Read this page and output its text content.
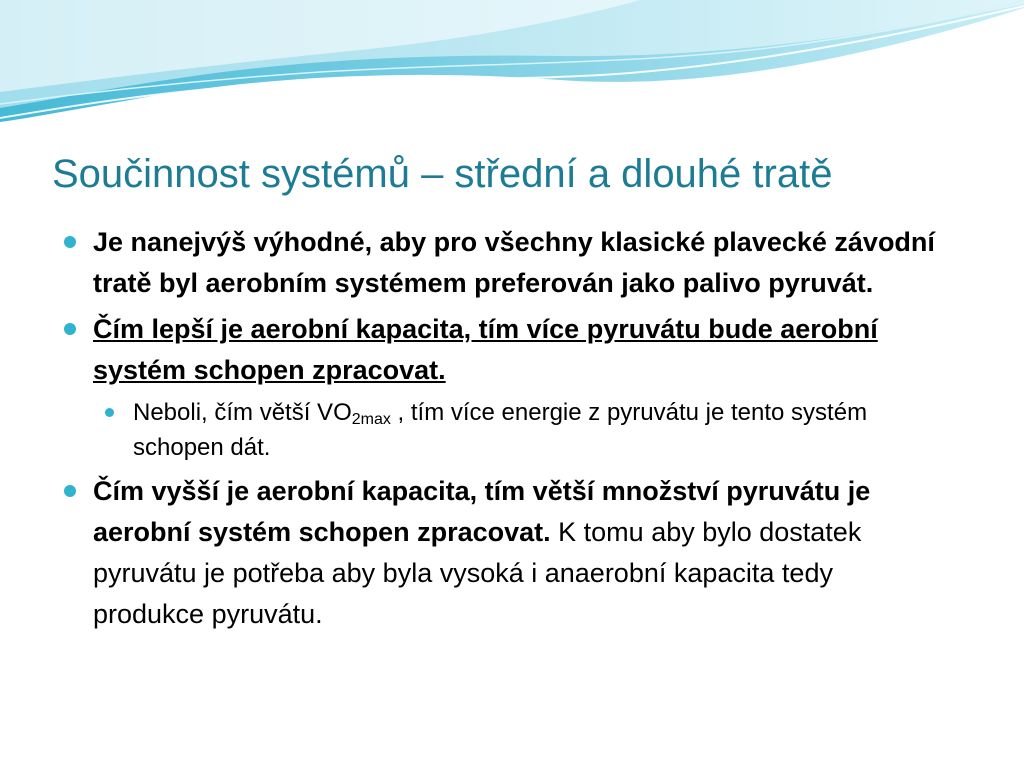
Součinnost systémů – střední a dlouhé tratě
Je nanejvýš výhodné, aby pro všechny klasické plavecké závodní tratě byl aerobním systémem preferován jako palivo pyruvát.
Čím lepší je aerobní kapacita, tím více pyruvátu bude aerobní systém schopen zpracovat.
Neboli, čím větší $VO_{2max}$ , tím více energie z pyruvátu je tento systém schopen dát.
Čím vyšší je aerobní kapacita, tím větší množství pyruvátu je aerobní systém schopen zpracovat. K tomu aby bylo dostatek pyruvátu je potřeba aby byla vysoká i anaerobní kapacita tedy produkce pyruvátu.
